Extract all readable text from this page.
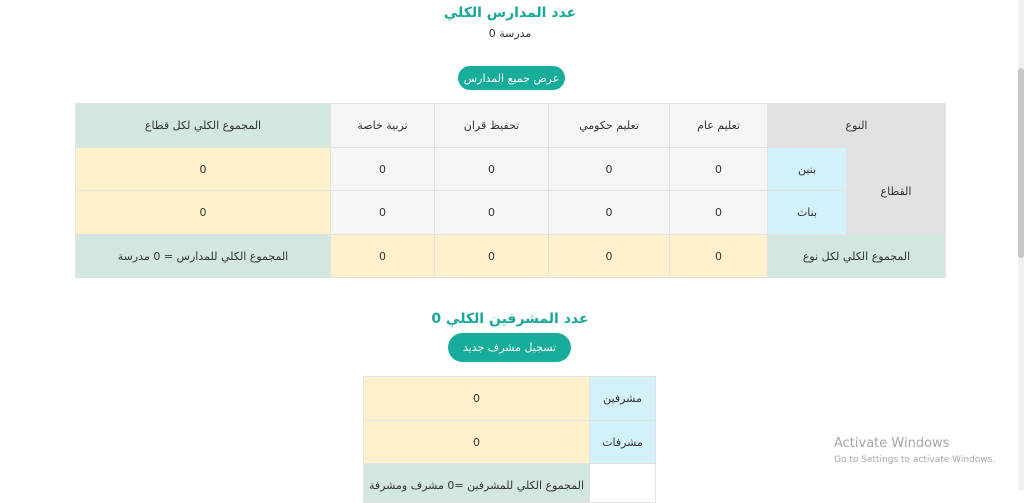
عدد المدارس الكلي
0 مدرسة
عرض جميع المدارس
النوع
تعليم عام
تعليم حكومي
تحفيظ قران
تربية خاصة
المجموع الكلي لكل قطاع
القطاع
بنين
0
0
0
0
0
بنات
0
0
0
0
0
المجموع الكلي لكل نوع
0
0
0
0
المجموع الكلي للمدارس = 0 مدرسة
عدد المشرفين الكلي 0
تسجيل مشرف جديد
مشرفين
0
مشرفات
0
المجموع الكلي للمشرفين =0 مشرف ومشرفة
Activate Windows
Go to Settings to activate Windows.
